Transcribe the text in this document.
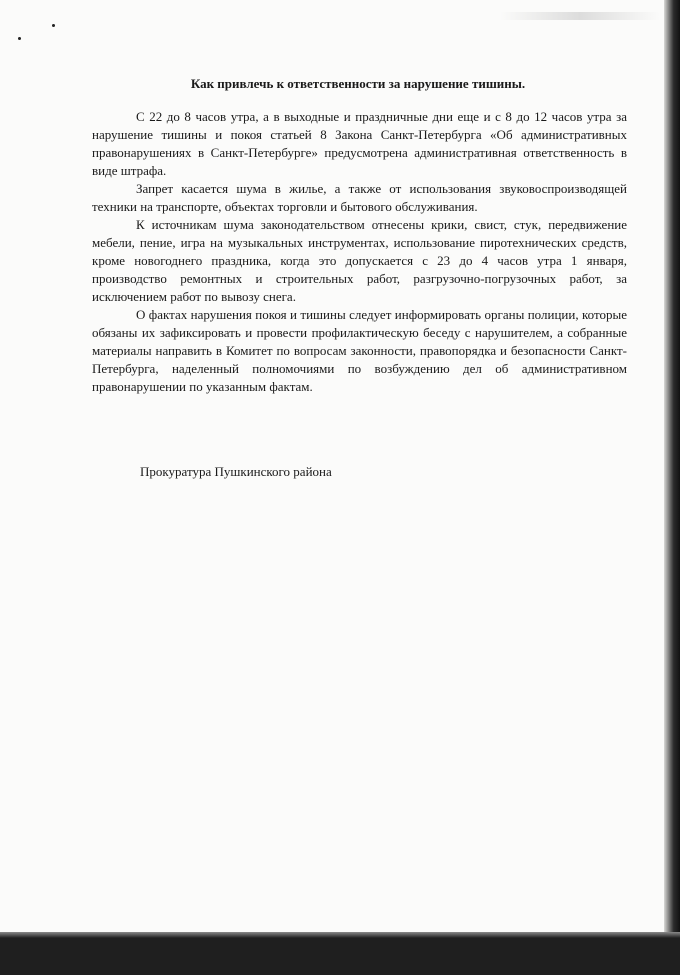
Как привлечь к ответственности за нарушение тишины.

С 22 до 8 часов утра, а в выходные и праздничные дни еще и с 8 до 12 часов утра за нарушение тишины и покоя статьей 8 Закона Санкт-Петербурга «Об административных правонарушениях в Санкт-Петербурге» предусмотрена административная ответственность в виде штрафа.

Запрет касается шума в жилье, а также от использования звуковоспроизводящей техники на транспорте, объектах торговли и бытового обслуживания.

К источникам шума законодательством отнесены крики, свист, стук, передвижение мебели, пение, игра на музыкальных инструментах, использование пиротехнических средств, кроме новогоднего праздника, когда это допускается с 23 до 4 часов утра 1 января, производство ремонтных и строительных работ, разгрузочно-погрузочных работ, за исключением работ по вывозу снега.

О фактах нарушения покоя и тишины следует информировать органы полиции, которые обязаны их зафиксировать и провести профилактическую беседу с нарушителем, а собранные материалы направить в Комитет по вопросам законности, правопорядка и безопасности Санкт-Петербурга, наделенный полномочиями по возбуждению дел об административном правонарушении по указанным фактам.

Прокуратура Пушкинского района
